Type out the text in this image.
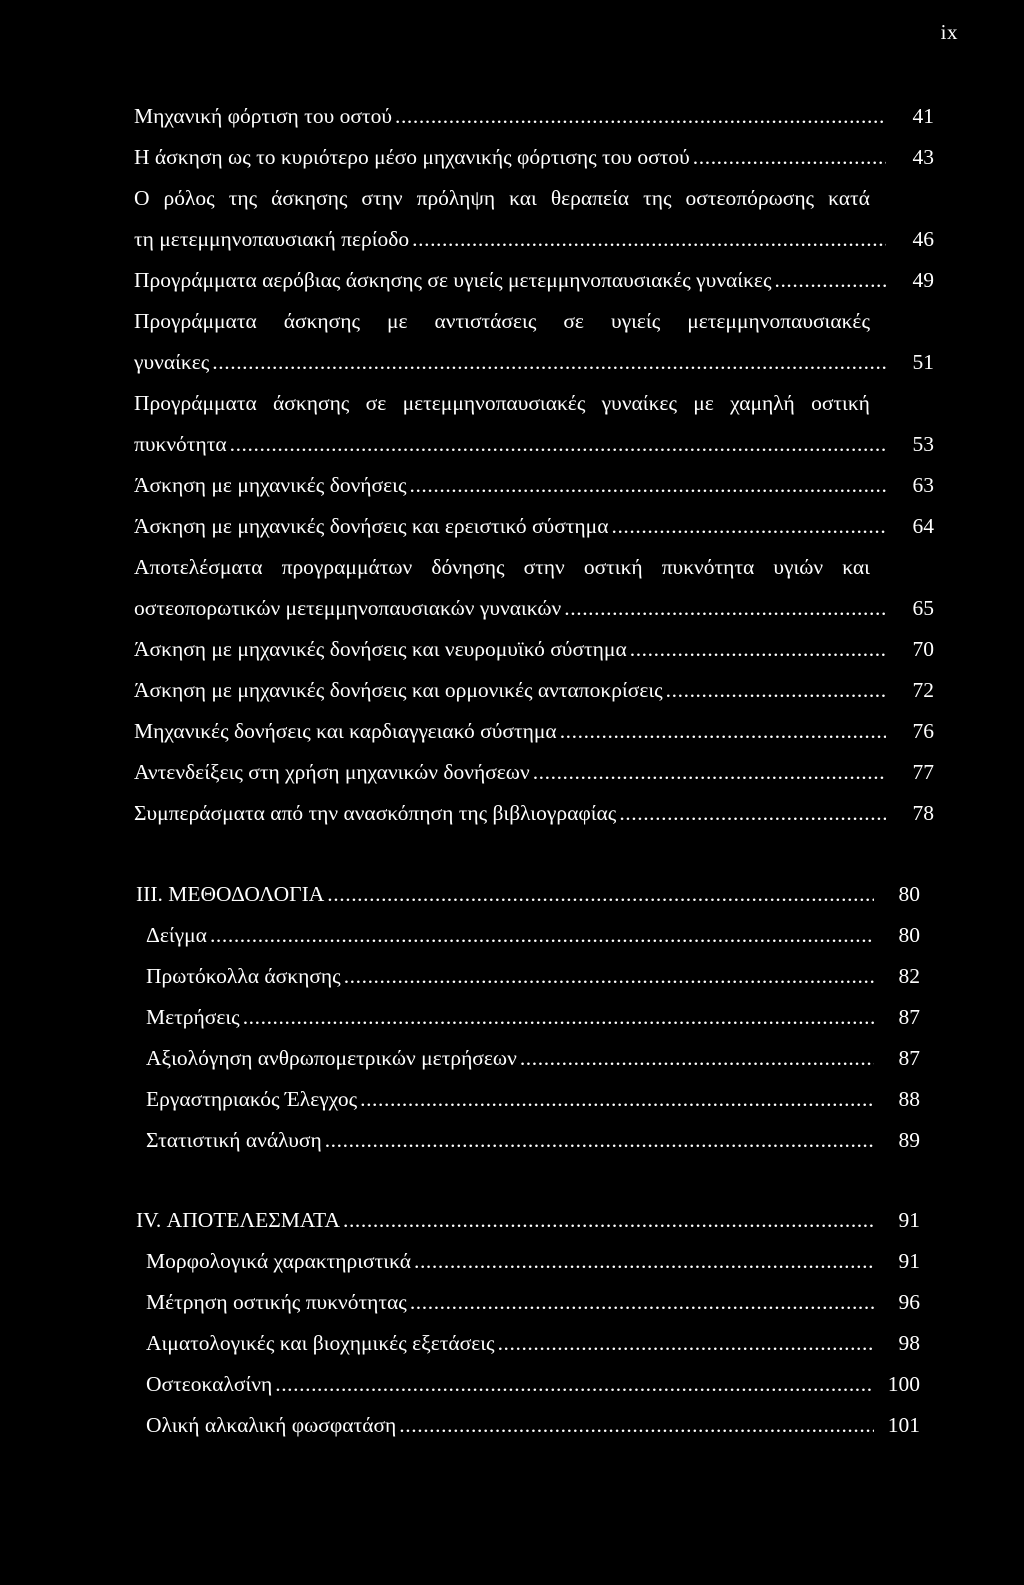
ix
Μηχανική φόρτιση του οστού .....	41
Η άσκηση ως το κυριότερο μέσο μηχανικής φόρτισης του οστού .....	43
Ο ρόλος της άσκησης στην πρόληψη και θεραπεία της οστεοπόρωσης κατά
τη μετεμμηνοπαυσιακή περίοδο .....	46
Προγράμματα αερόβιας άσκησης σε υγιείς μετεμμηνοπαυσιακές γυναίκες .....	49
Προγράμματα άσκησης με αντιστάσεις σε υγιείς μετεμμηνοπαυσιακές
γυναίκες .....	51
Προγράμματα άσκησης σε μετεμμηνοπαυσιακές γυναίκες με χαμηλή οστική
πυκνότητα .....	53
Άσκηση με μηχανικές δονήσεις .....	63
Άσκηση με μηχανικές δονήσεις και ερειστικό σύστημα .....	64
Αποτελέσματα προγραμμάτων δόνησης στην οστική πυκνότητα υγιών και
οστεοπορωτικών μετεμμηνοπαυσιακών γυναικών .....	65
Άσκηση με μηχανικές δονήσεις και νευρομυϊκό σύστημα .....	70
Άσκηση με μηχανικές δονήσεις και ορμονικές ανταποκρίσεις .....	72
Μηχανικές δονήσεις και καρδιαγγειακό σύστημα .....	76
Αντενδείξεις στη χρήση μηχανικών δονήσεων .....	77
Συμπεράσματα από την ανασκόπηση της βιβλιογραφίας .....	78
III. ΜΕΘΟΔΟΛΟΓΙΑ .....	80
Δείγμα .....	80
Πρωτόκολλα άσκησης .....	82
Μετρήσεις .....	87
Αξιολόγηση ανθρωπομετρικών μετρήσεων .....	87
Εργαστηριακός Έλεγχος .....	88
Στατιστική ανάλυση .....	89
IV. ΑΠΟΤΕΛΕΣΜΑΤΑ .....	91
Μορφολογικά χαρακτηριστικά .....	91
Μέτρηση οστικής πυκνότητας .....	96
Αιματολογικές και βιοχημικές εξετάσεις .....	98
Οστεοκαλσίνη .....	100
Ολική αλκαλική φωσφατάση .....	101
